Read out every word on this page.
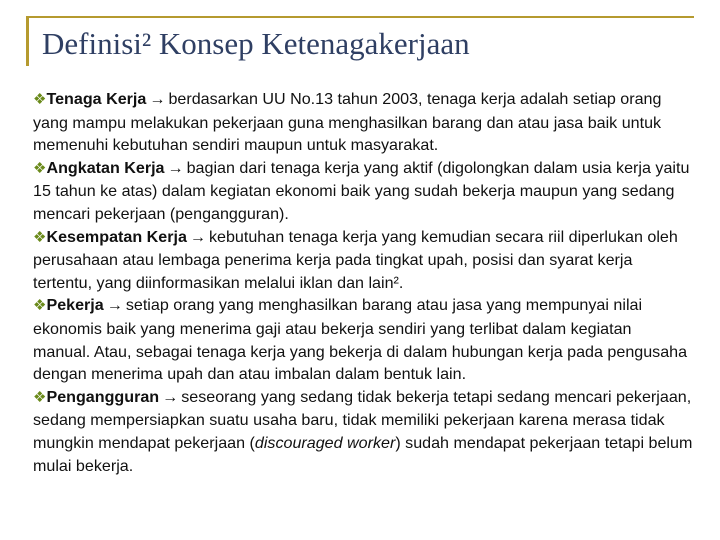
Definisi² Konsep Ketenagakerjaan

❖Tenaga Kerja → berdasarkan UU No.13 tahun 2003, tenaga kerja adalah setiap orang yang mampu melakukan pekerjaan guna menghasilkan barang dan atau jasa baik untuk memenuhi kebutuhan sendiri maupun untuk masyarakat.

❖Angkatan Kerja → bagian dari tenaga kerja yang aktif (digolongkan dalam usia kerja yaitu 15 tahun ke atas) dalam kegiatan ekonomi baik yang sudah bekerja maupun yang sedang mencari pekerjaan (pengangguran).

❖Kesempatan Kerja → kebutuhan tenaga kerja yang kemudian secara riil diperlukan oleh perusahaan atau lembaga penerima kerja pada tingkat upah, posisi dan syarat kerja tertentu, yang diinformasikan melalui iklan dan lain².

❖Pekerja → setiap orang yang menghasilkan barang atau jasa yang mempunyai nilai ekonomis baik yang menerima gaji atau bekerja sendiri yang terlibat dalam kegiatan manual. Atau, sebagai tenaga kerja yang bekerja di dalam hubungan kerja pada pengusaha dengan menerima upah dan atau imbalan dalam bentuk lain.

❖Pengangguran → seseorang yang sedang tidak bekerja tetapi sedang mencari pekerjaan, sedang mempersiapkan suatu usaha baru, tidak memiliki pekerjaan karena merasa tidak mungkin mendapat pekerjaan (discouraged worker) sudah mendapat pekerjaan tetapi belum mulai bekerja.
